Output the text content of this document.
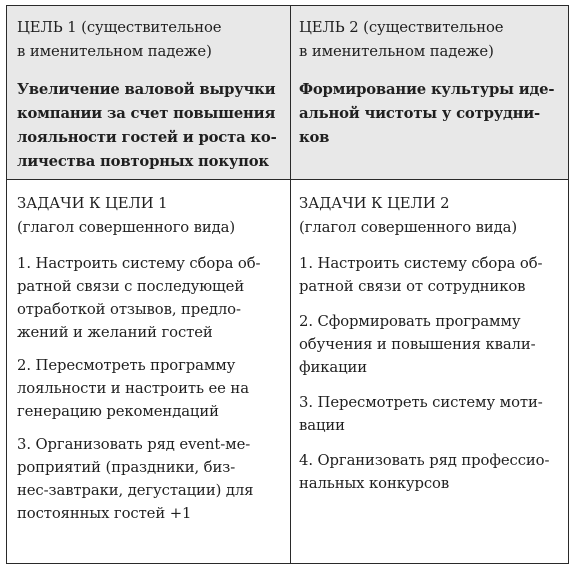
ЦЕЛЬ 1 (существительное
в именительном падеже)
Увеличение валовой выручки
компании за счет повышения
лояльности гостей и роста ко-
личества повторных покупок
ЦЕЛЬ 2 (существительное
в именительном падеже)
Формирование культуры иде-
альной чистоты у сотрудни-
ков
ЗАДАЧИ К ЦЕЛИ 1
(глагол совершенного вида)
1. Настроить систему сбора об-
ратной связи с последующей
отработкой отзывов, предло-
жений и желаний гостей
2. Пересмотреть программу
лояльности и настроить ее на
генерацию рекомендаций
3. Организовать ряд event-ме-
роприятий (праздники, биз-
нес-завтраки, дегустации) для
постоянных гостей +1
ЗАДАЧИ К ЦЕЛИ 2
(глагол совершенного вида)
1. Настроить систему сбора об-
ратной связи от сотрудников
2. Сформировать программу
обучения и повышения квали-
фикации
3. Пересмотреть систему моти-
вации
4. Организовать ряд профессио-
нальных конкурсов
